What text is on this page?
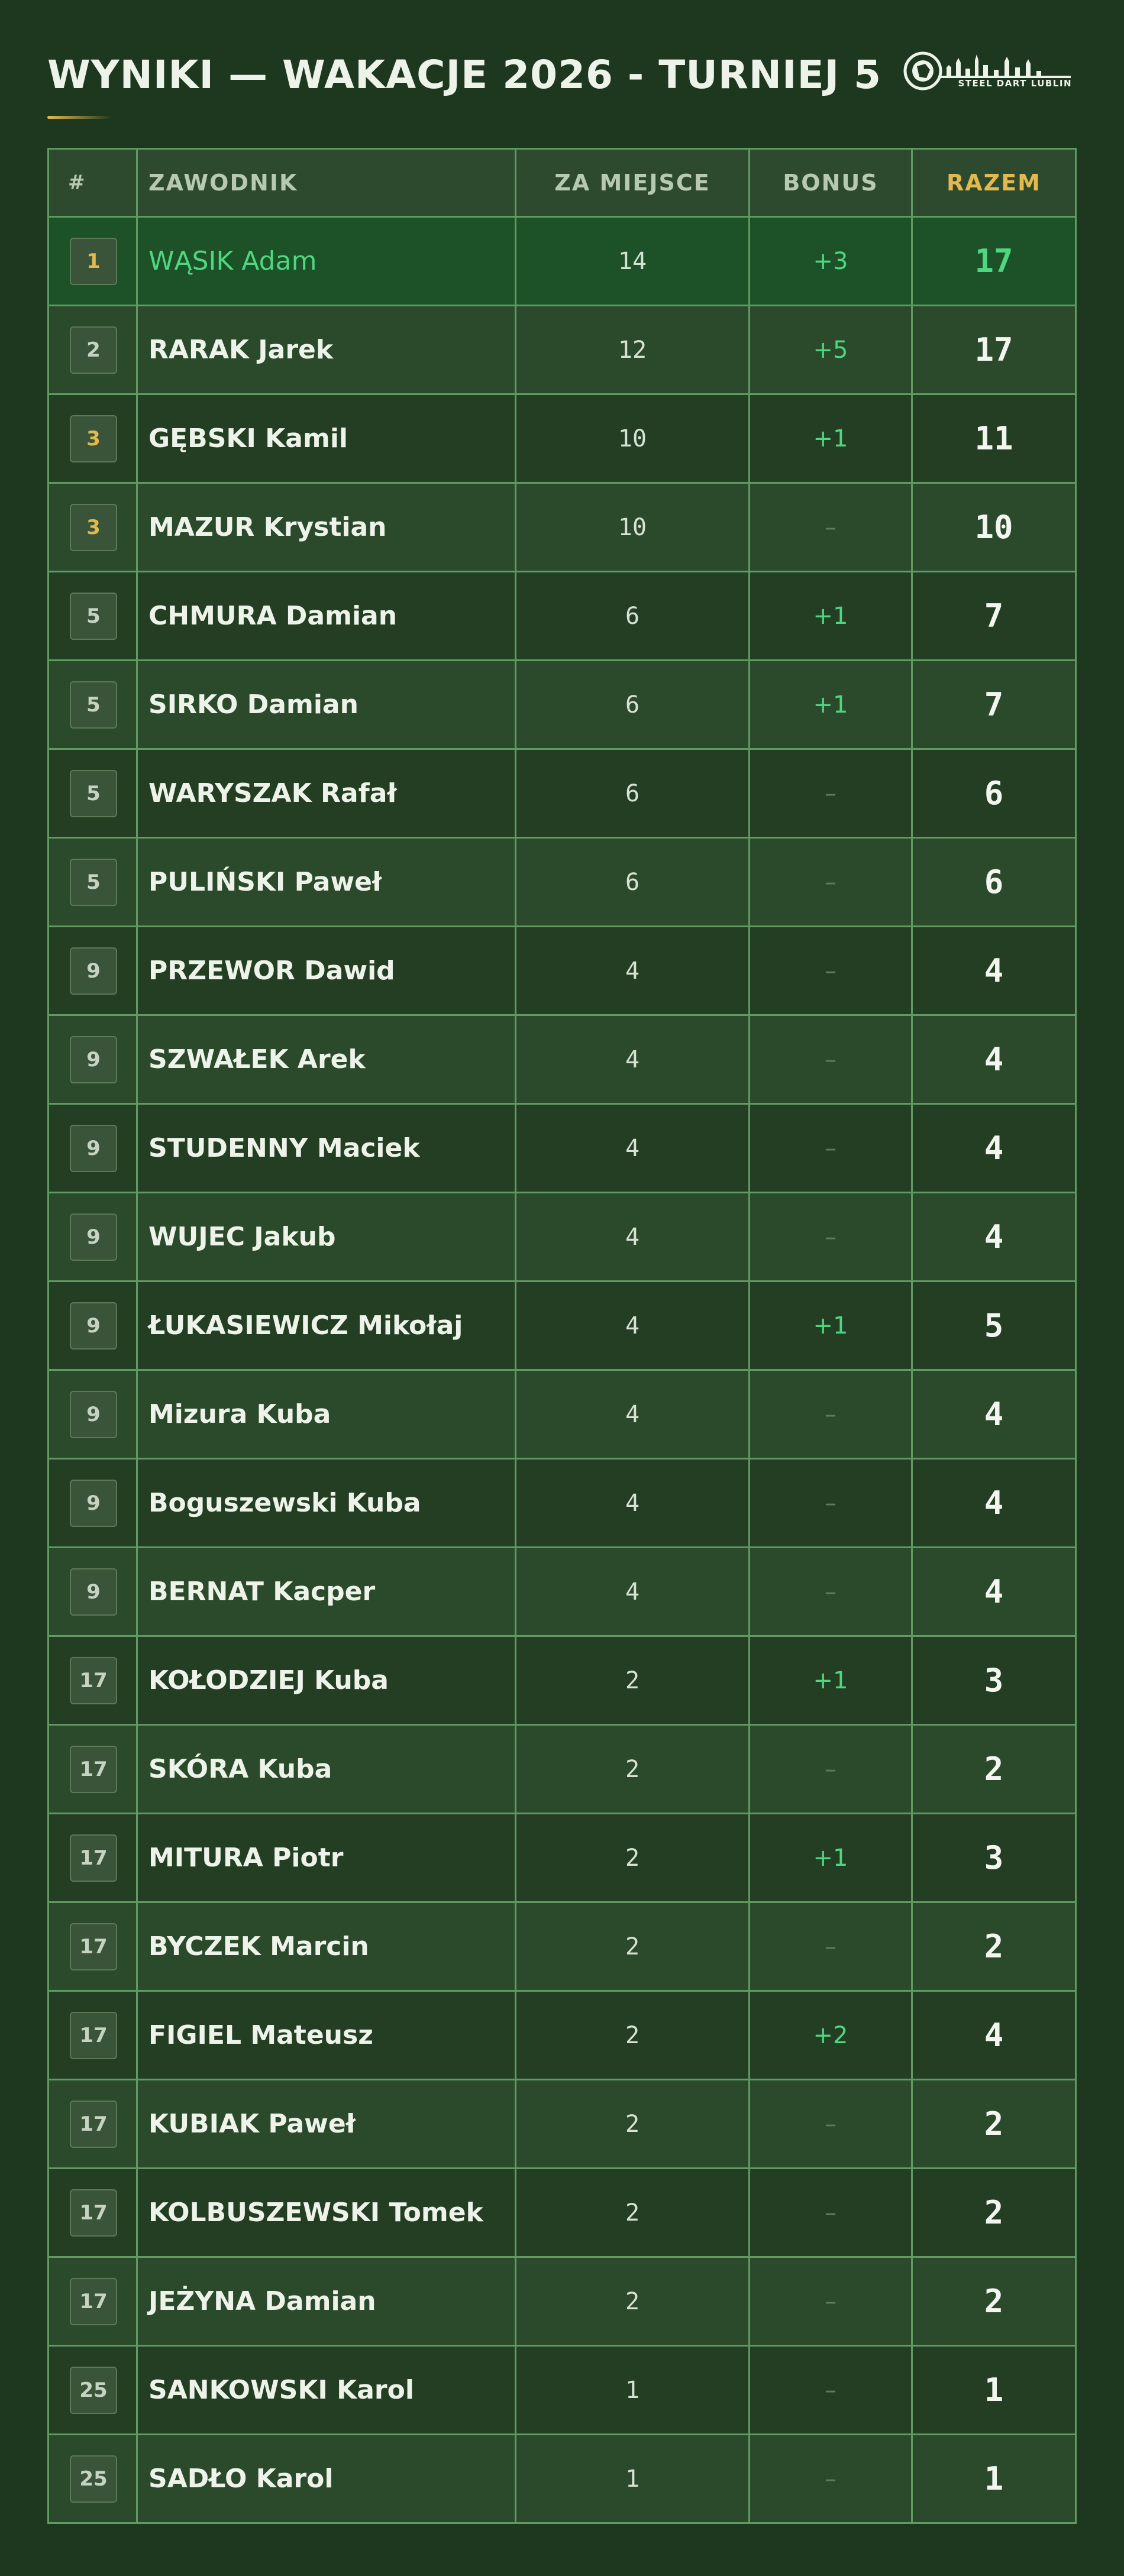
WYNIKI — WAKACJE 2026 - TURNIEJ 5	STEEL DART LUBLIN
#	ZAWODNIK	ZA MIEJSCE	BONUS	RAZEM
1	WĄSIK Adam	14	+3	17
2	RARAK Jarek	12	+5	17
3	GĘBSKI Kamil	10	+1	11
3	MAZUR Krystian	10	–	10
5	CHMURA Damian	6	+1	7
5	SIRKO Damian	6	+1	7
5	WARYSZAK Rafał	6	–	6
5	PULIŃSKI Paweł	6	–	6
9	PRZEWOR Dawid	4	–	4
9	SZWAŁEK Arek	4	–	4
9	STUDENNY Maciek	4	–	4
9	WUJEC Jakub	4	–	4
9	ŁUKASIEWICZ Mikołaj	4	+1	5
9	Mizura Kuba	4	–	4
9	Boguszewski Kuba	4	–	4
9	BERNAT Kacper	4	–	4
17	KOŁODZIEJ Kuba	2	+1	3
17	SKÓRA Kuba	2	–	2
17	MITURA Piotr	2	+1	3
17	BYCZEK Marcin	2	–	2
17	FIGIEL Mateusz	2	+2	4
17	KUBIAK Paweł	2	–	2
17	KOLBUSZEWSKI Tomek	2	–	2
17	JEŻYNA Damian	2	–	2
25	SANKOWSKI Karol	1	–	1
25	SADŁO Karol	1	–	1
